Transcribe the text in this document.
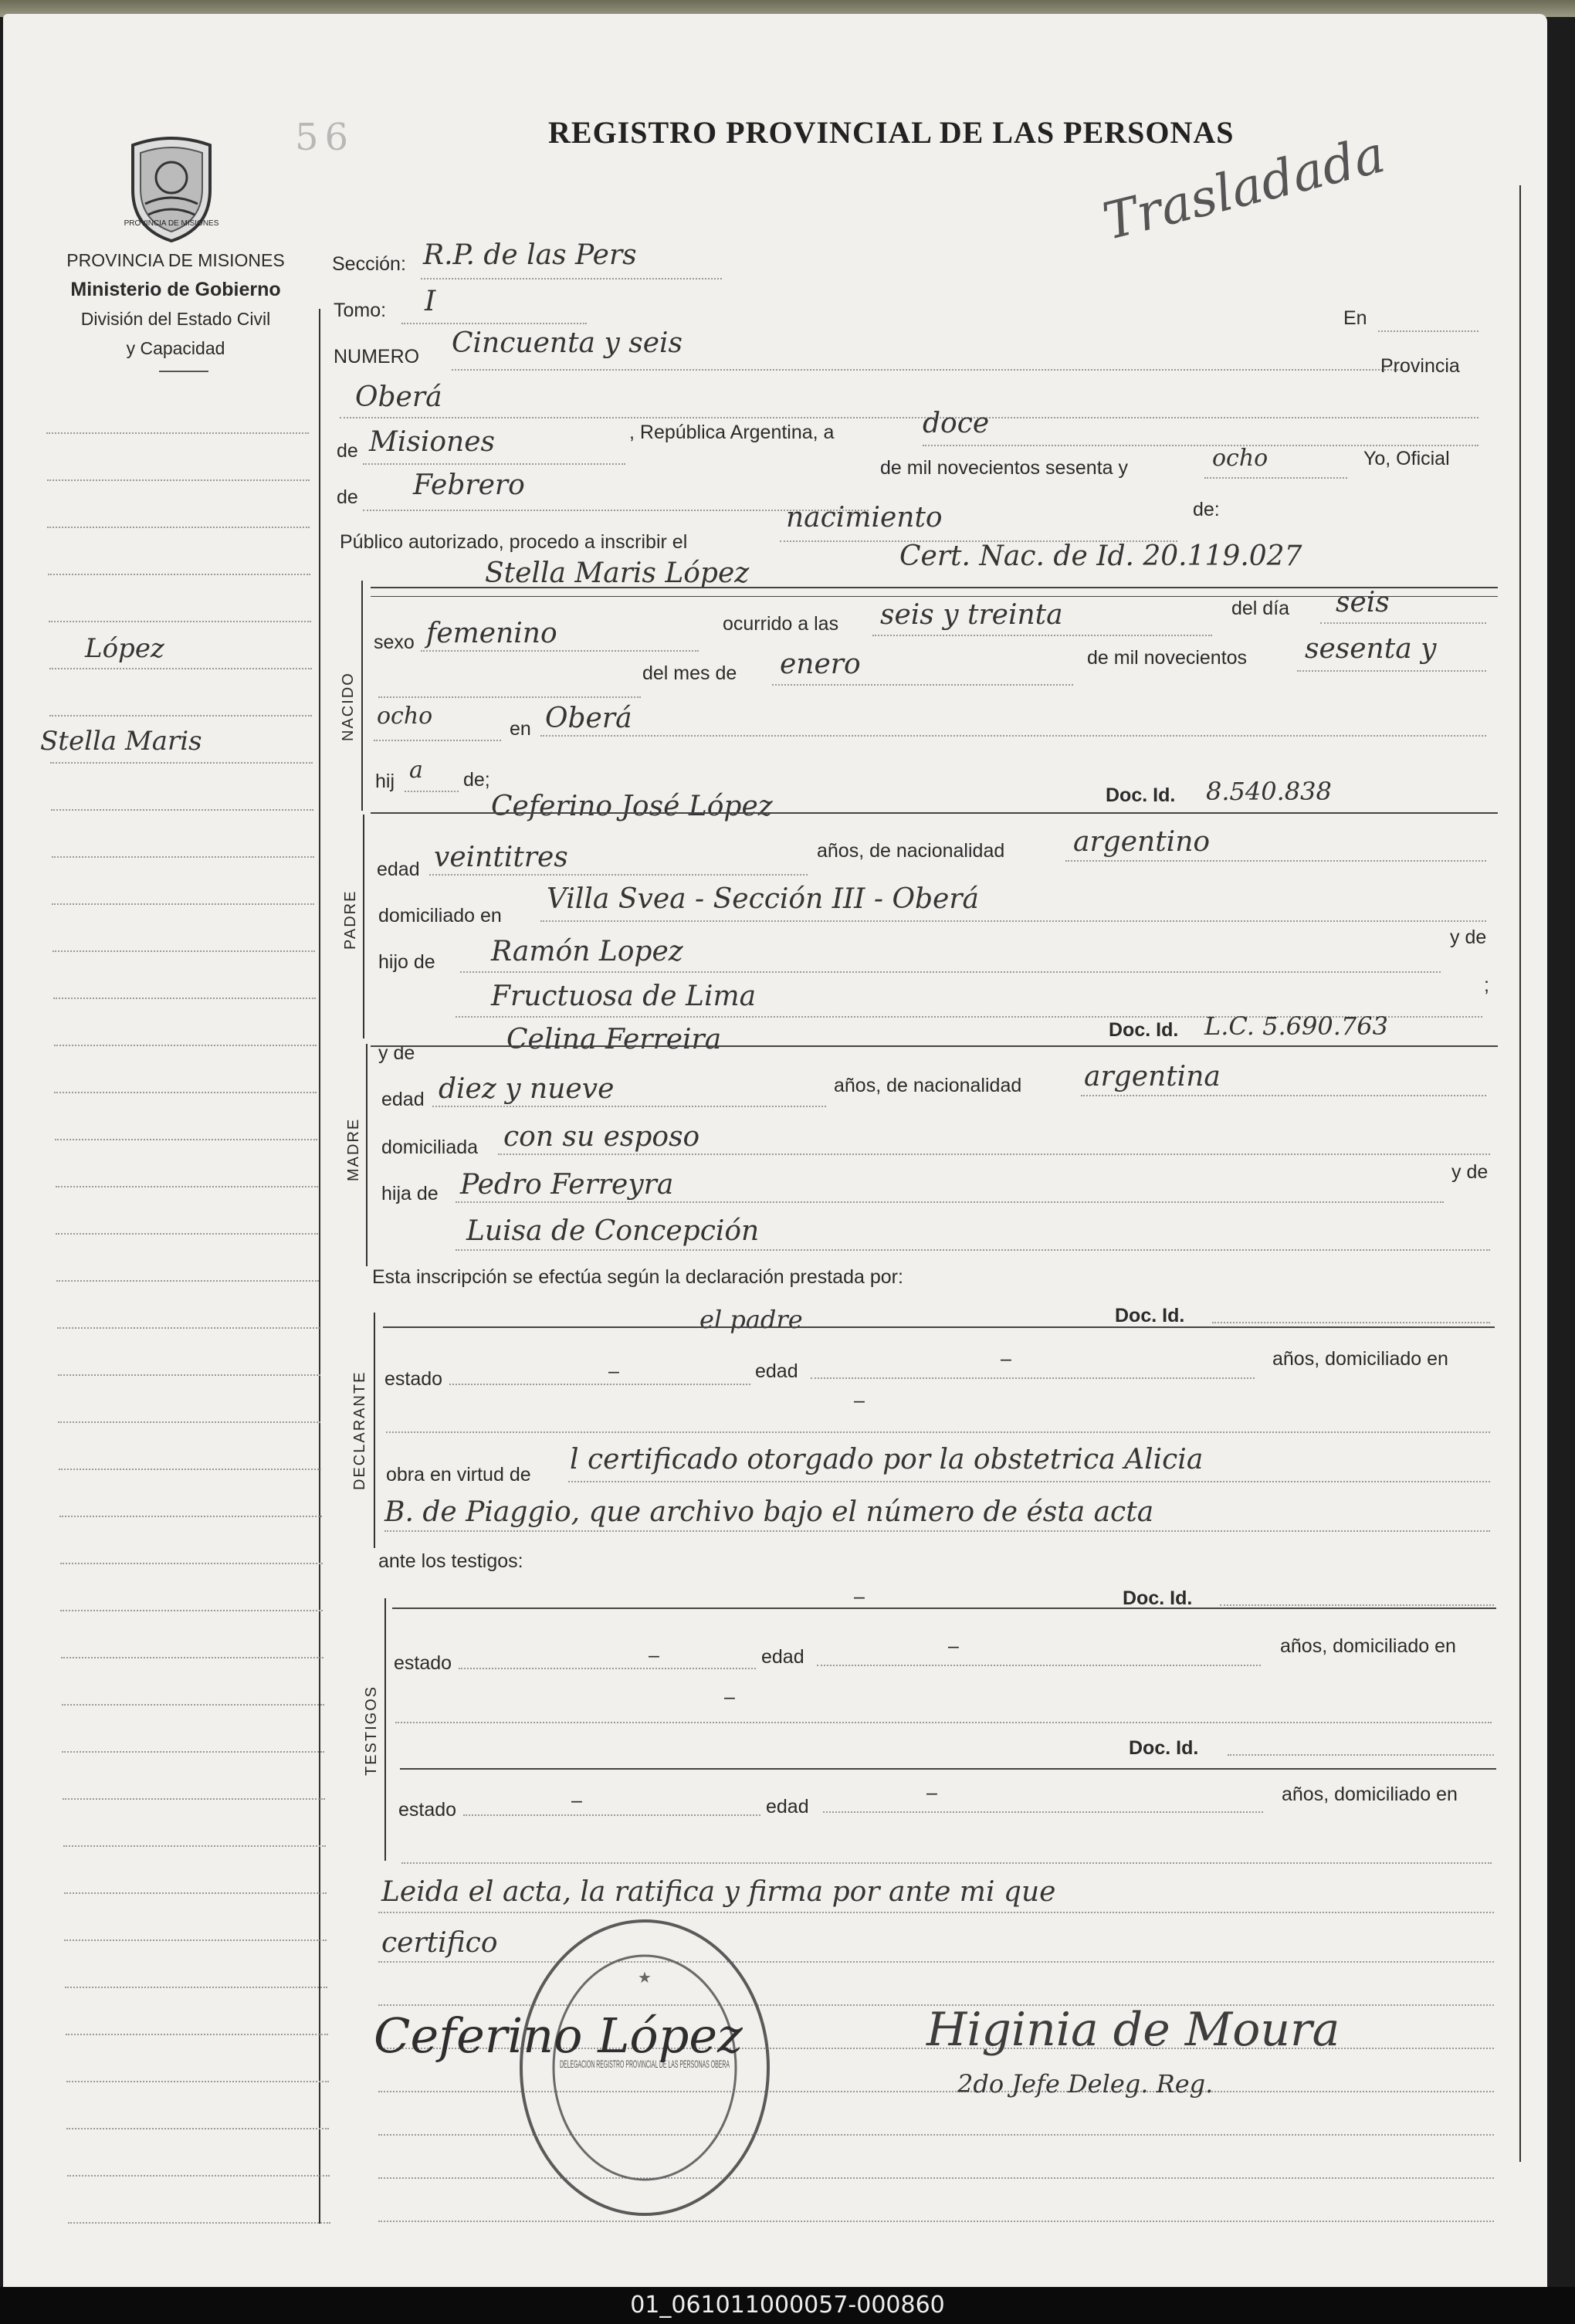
56	REGISTRO PROVINCIAL DE LAS PERSONAS
PROVINCIA DE MISIONES
PROVINCIA DE MISIONES
Ministerio de Gobierno
División del Estado Civil
y Capacidad
Trasladada
NACIDO
PADRE
MADRE
DECLARANTE
TESTIGOS
López
Stella Maris
Sección: R.P. de las Pers
Tomo: I
En
NUMERO Cincuenta y seis
Provincia
Oberá
de Misiones	, República Argentina, a	doce
de Febrero
de mil novecientos sesenta y	ocho	Yo, Oficial
Público autorizado, procedo a inscribir el
nacimiento	de:
Stella Maris López
Cert. Nac. de Id. 20.119.027
sexo femenino	ocurrido a las seis y treinta	del día seis
del mes de enero	de mil novecientos sesenta y
ocho	en Oberá
hij a de;
Ceferino José López	Doc. Id. 8.540.838
edad veintitres	años, de nacionalidad argentino
domiciliado en
Villa Svea - Sección III - Oberá
hijo de Ramón Lopez	y de
Fructuosa de Lima	;
y de	Celina Ferreira	Doc. Id. L.C. 5.690.763
edad diez y nueve	años, de nacionalidad argentina
domiciliada con su esposo
hija de Pedro Ferreyra	y de
Luisa de Concepción
Esta inscripción se efectúa según la declaración prestada por:
el padre	Doc. Id.
estado	–	edad
–	años, domiciliado en
–
obra en virtud de l certificado otorgado por la obstetrica Alicia
B. de Piaggio, que archivo bajo el número de ésta acta
ante los testigos:
–	Doc. Id.
estado	–	edad	–	años, domiciliado en
–
Doc. Id.
estado	–	edad
–	años, domiciliado en
Leida el acta, la ratifica y firma por ante mi que
certifico
DELEGACION REGISTRO PROVINCIAL DE LAS PERSONAS OBERA
★
Ceferino López	Higinia de Moura
2do Jefe Deleg. Reg.
01_061011000057-000860
